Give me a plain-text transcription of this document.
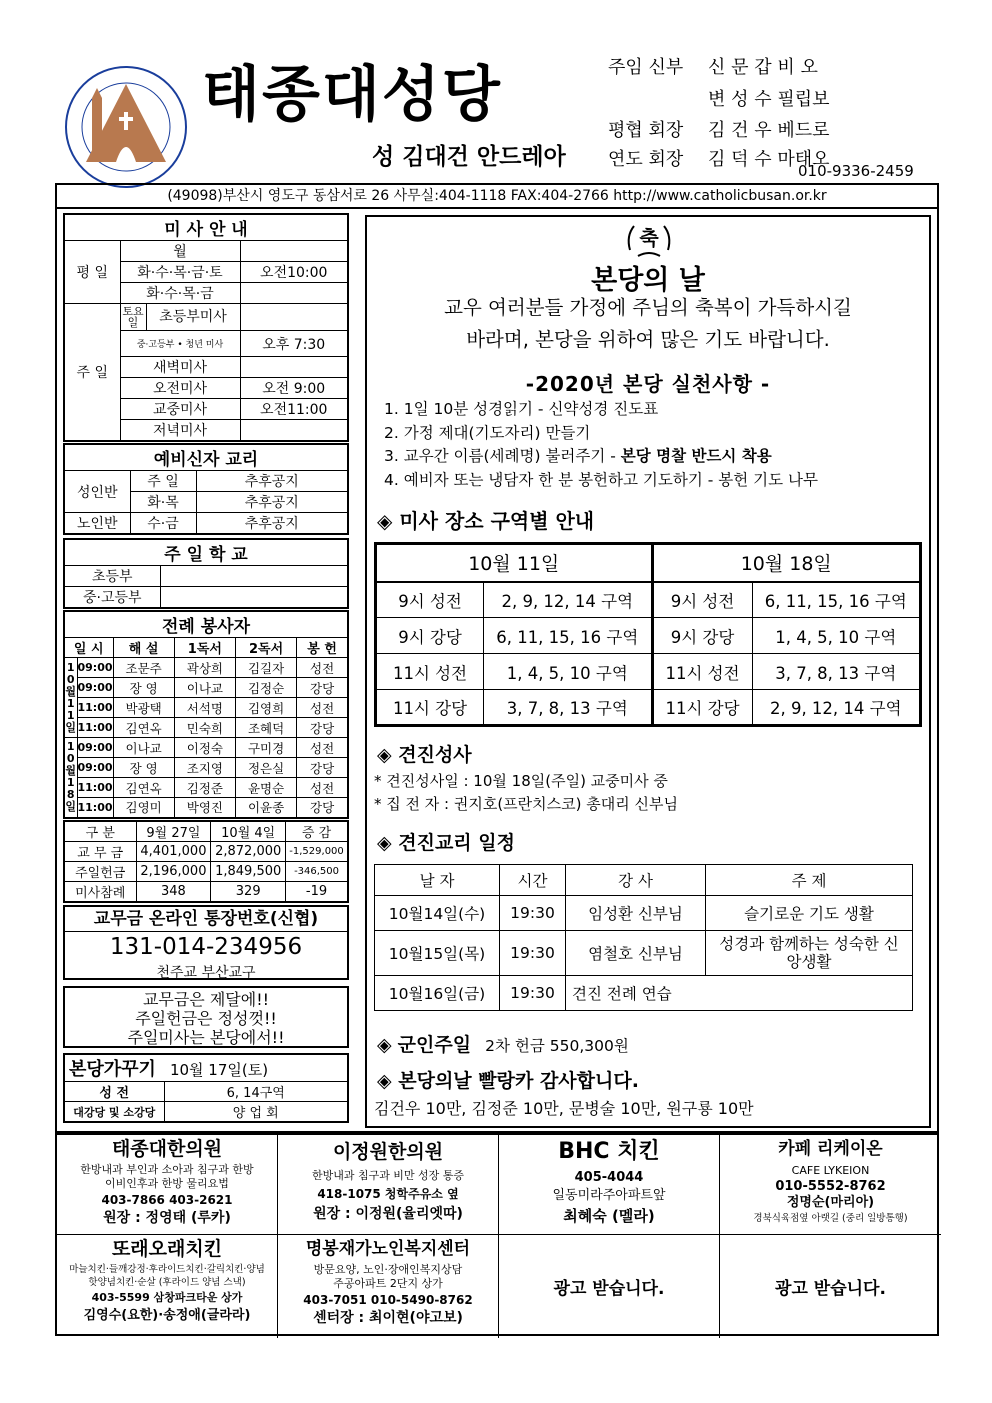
태종대성당
성 김대건 안드레아
주임 신부	신 문 갑 비 오
변 성 수 필립보
평협 회장	김 건 우 베드로
연도 회장	김 덕 수 마태오
010-9336-2459
(49098)부산시 영도구 동삼서로 26 사무실:404-1118 FAX:404-2766 http://www.catholicbusan.or.kr
미 사 안 내		
평 일	월	
	화·수·목·금·토	오전10:00
	화·수·목·금	
주 일	토요일 초등부미사	

	중·고등부 • 청년 미사	오후 7:30
	새벽미사	
	오전미사	오전 9:00
	교중미사	오전11:00
	저녁미사	
예비신자 교리		
성인반	주 일	추후공지
	화·목	추후공지
노인반	수·금	추후공지
주 일 학 교	
초등부	
중·고등부	
전례 봉사자					
일 시		해 설	1독서	2독서	봉 헌
10월11일	09:00	조문주	곽상희	김길자	성전
	09:00	장 영	이나교	김정순	강당
	11:00	박광택	서석명	김영희	성전
	11:00	김연옥	민숙희	조혜덕	강당
10월18일	09:00	이나교	이정숙	구미경	성전
	09:00	장 영	조지영	정은실	강당
	11:00	김연옥	김정준	윤명순	성전
	11:00	김영미	박영진	이윤종	강당
구 분	9월 27일	10월 4일	증 감
교 무 금	4,401,000	2,872,000	-1,529,000
주일헌금	2,196,000	1,849,500	-346,500
미사참례	348	329	-19
교무금 온라인 통장번호(신협)
131-014-234956
천주교 부산교구
교무금은 제달에!!
주일헌금은 정성껏!!
주일미사는 본당에서!!
본당가꾸기 10월 17일(토)	
성 전	6, 14구역
대강당 및 소강당	양 업 회
축
본당의 날
교우 여러분들 가정에 주님의 축복이 가득하시길
바라며, 본당을 위하여 많은 기도 바랍니다.
-2020년 본당 실천사항 -
1. 1일 10분 성경읽기 - 신약성경 진도표
2. 가정 제대(기도자리) 만들기
3. 교우간 이름(세례명) 불러주기 - 본당 명찰 반드시 착용
4. 예비자 또는 냉담자 한 분 봉헌하고 기도하기 - 봉헌 기도 나무
◈ 미사 장소 구역별 안내
10월 11일		10월 18일	
9시 성전	2, 9, 12, 14 구역	9시 성전	6, 11, 15, 16 구역
9시 강당	6, 11, 15, 16 구역	9시 강당	1, 4, 5, 10 구역
11시 성전	1, 4, 5, 10 구역	11시 성전	3, 7, 8, 13 구역
11시 강당	3, 7, 8, 13 구역	11시 강당	2, 9, 12, 14 구역
◈ 견진성사
* 견진성사일 : 10월 18일(주일) 교중미사 중
* 집 전 자 : 권지호(프란치스코) 총대리 신부님
◈ 견진교리 일정
날 자	시간	강 사	주 제
10월14일(수)	19:30	임성환 신부님	슬기로운 기도 생활
10월15일(목)	19:30	염철호 신부님	성경과 함께하는 성숙한 신앙생활
10월16일(금)	19:30	견진 전례 연습	
◈ 군인주일 2차 헌금 550,300원
◈ 본당의날 빨랑카 감사합니다.
김건우 10만, 김정준 10만, 문병술 10만, 원구룡 10만
태종대한의원
한방내과 부인과 소아과 침구과 한방
이비인후과 한방 물리요법
403-7866 403-2621
원장 : 정영태 (루카)
이정원한의원
한방내과 침구과 비만 성장 통증
418-1075 청학주유소 옆
원장 : 이정원(율리엣따)
BHC 치킨
405-4044
일동미라주아파트앞
최혜숙 (멜라)
카페 리케이온
CAFE LYKEION
010-5552-8762
정명순(마리아)
경북식육점옆 아랫길 (중리 일방통행)
또래오래치킨
마늘치킨·들깨강정·후라이드치킨·갈릭치킨·양념
핫양념치킨·순살 (후라이드 양념 스낵)
403-5599 삼창파크타운 상가
김영수(요한)·송정애(글라라)
명봉재가노인복지센터
방문요양, 노인·장애인복지상담
주공아파트 2단지 상가
403-7051 010-5490-8762
센터장 : 최이현(야고보)
광고 받습니다.	광고 받습니다.
